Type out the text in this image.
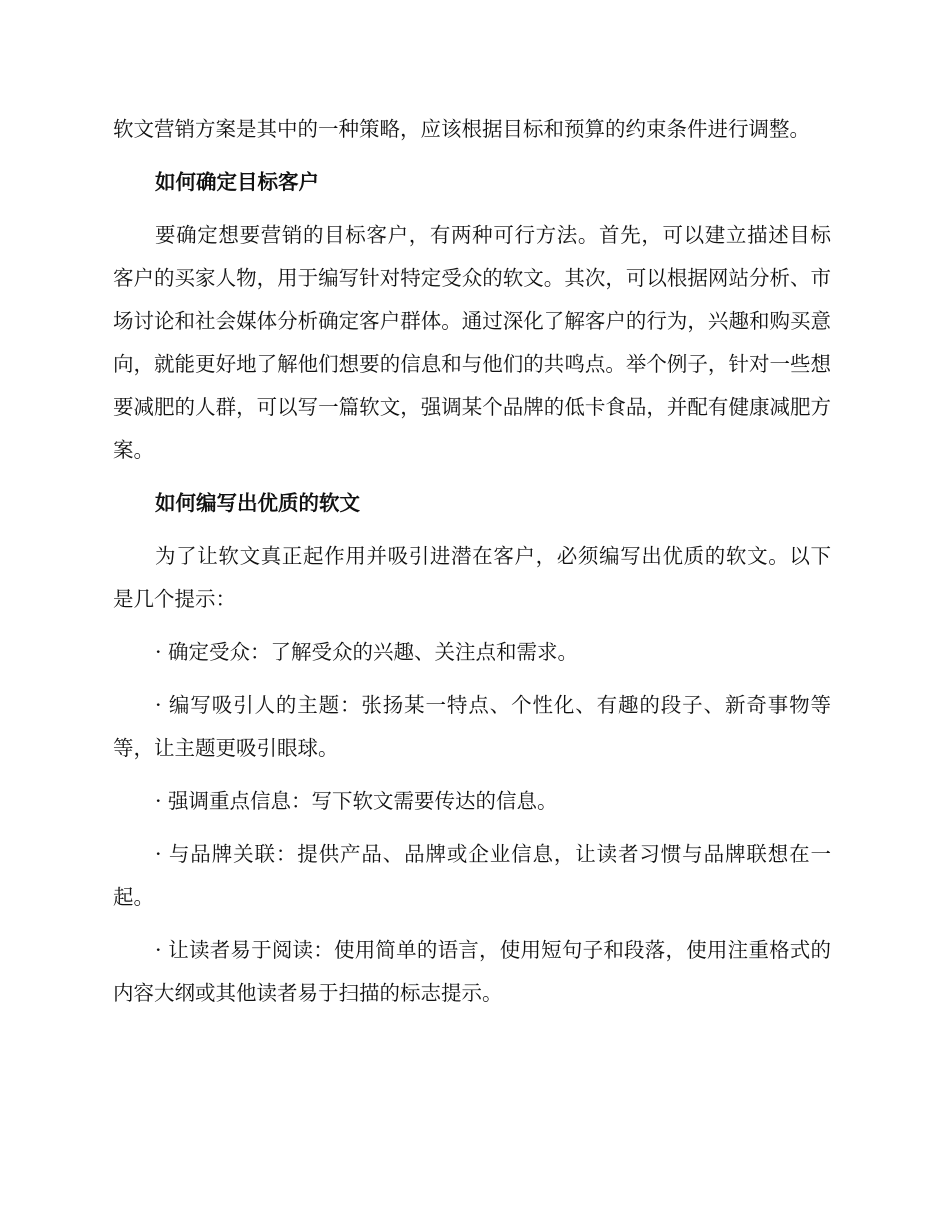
软文营销方案是其中的一种策略，应该根据目标和预算的约束条件进行调整。

如何确定目标客户

要确定想要营销的目标客户，有两种可行方法。首先，可以建立描述目标客户的买家人物，用于编写针对特定受众的软文。其次，可以根据网站分析、市场讨论和社会媒体分析确定客户群体。通过深化了解客户的行为，兴趣和购买意向，就能更好地了解他们想要的信息和与他们的共鸣点。举个例子，针对一些想要减肥的人群，可以写一篇软文，强调某个品牌的低卡食品，并配有健康减肥方案。

如何编写出优质的软文

为了让软文真正起作用并吸引进潜在客户，必须编写出优质的软文。以下是几个提示：

· 确定受众：了解受众的兴趣、关注点和需求。

· 编写吸引人的主题：张扬某一特点、个性化、有趣的段子、新奇事物等等，让主题更吸引眼球。

· 强调重点信息：写下软文需要传达的信息。

· 与品牌关联：提供产品、品牌或企业信息，让读者习惯与品牌联想在一起。

· 让读者易于阅读：使用简单的语言，使用短句子和段落，使用注重格式的内容大纲或其他读者易于扫描的标志提示。
